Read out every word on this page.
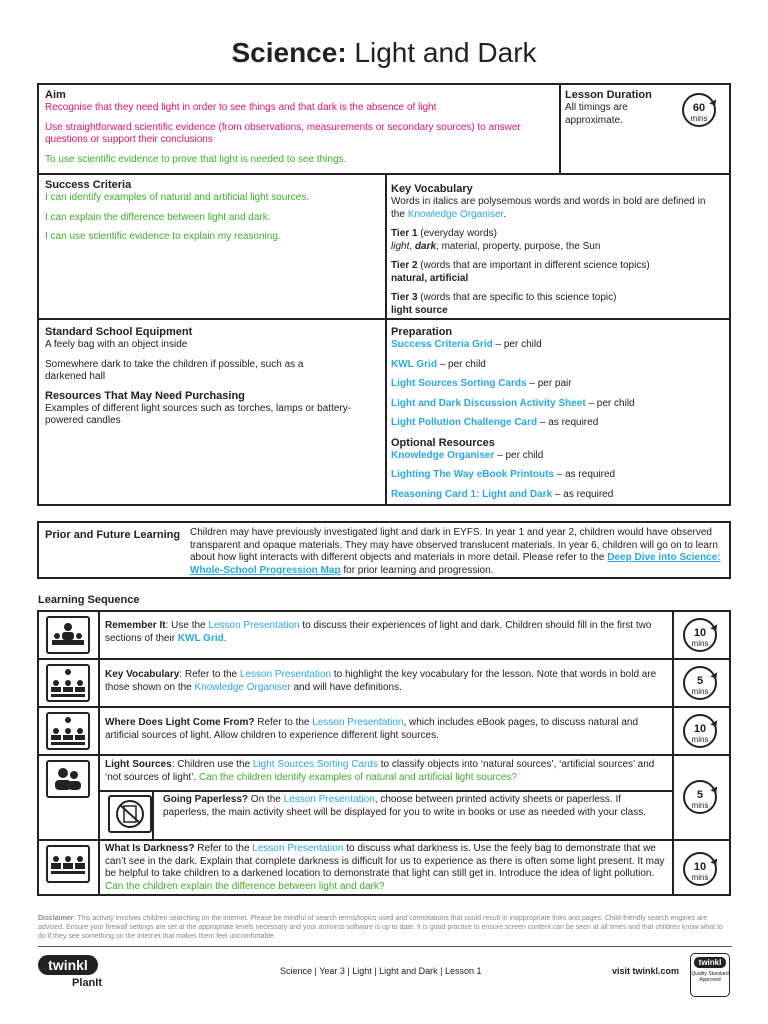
Science: Light and Dark

Aim

Recognise that they need light in order to see things and that dark is the absence of light

Use straightforward scientific evidence (from observations, measurements or secondary sources) to answer questions or support their conclusions

To use scientific evidence to prove that light is needed to see things.

Lesson Duration

All timings are approximate.

60
mins

Success Criteria

I can identify examples of natural and artificial light sources.

I can explain the difference between light and dark.

I can use scientific evidence to explain my reasoning.

Key Vocabulary

Words in italics are polysemous words and words in bold are defined in the Knowledge Organiser.

Tier 1 (everyday words)

light, dark, material, property, purpose, the Sun

Tier 2 (words that are important in different science topics)

natural, artificial

Tier 3 (words that are specific to this science topic)

light source

Standard School Equipment

A feely bag with an object inside

Somewhere dark to take the children if possible, such as a darkened hall

Resources That May Need Purchasing

Examples of different light sources such as torches, lamps or battery-powered candles

Preparation

Success Criteria Grid – per child

KWL Grid – per child

Light Sources Sorting Cards – per pair

Light and Dark Discussion Activity Sheet – per child

Light Pollution Challenge Card – as required

Optional Resources

Knowledge Organiser – per child

Lighting The Way eBook Printouts – as required

Reasoning Card 1: Light and Dark – as required

Prior and Future Learning Children may have previously investigated light and dark in EYFS. In year 1 and year 2, children would have observed transparent and opaque materials. They may have observed translucent materials. In year 6, children will go on to learn about how light interacts with different objects and materials in more detail. Please refer to the Deep Dive into Science: Whole-School Progression Map for prior learning and progression.
Learning Sequence
Remember It: Use the Lesson Presentation to discuss their experiences of light and dark. Children should fill in the first two sections of their KWL Grid.
Key Vocabulary: Refer to the Lesson Presentation to highlight the key vocabulary for the lesson. Note that words in bold are those shown on the Knowledge Organiser and will have definitions.
Where Does Light Come From? Refer to the Lesson Presentation, which includes eBook pages, to discuss natural and artificial sources of light. Allow children to experience different light sources.
Light Sources: Children use the Light Sources Sorting Cards to classify objects into ‘natural sources’, ‘artificial sources’ and ‘not sources of light’. Can the children identify examples of natural and artificial light sources?
Going Paperless? On the Lesson Presentation, choose between printed activity sheets or paperless. If paperless, the main activity sheet will be displayed for you to write in books or use as needed with your class.
What Is Darkness? Refer to the Lesson Presentation to discuss what darkness is. Use the feely bag to demonstrate that we can’t see in the dark. Explain that complete darkness is difficult for us to experience as there is often some light present. It may be helpful to take children to a darkened location to demonstrate that light can still get in. Introduce the idea of light pollution. Can the children explain the difference between light and dark?
10
mins
5
mins
10
mins
5
mins
10
mins
Disclaimer: This activity involves children searching on the internet. Please be mindful of search terms/topics used and connotations that could result in inappropriate links and pages. Child-friendly search engines are advised. Ensure your firewall settings are set at the appropriate levels necessary and your antivirus software is up to date. It is good practice to ensure screen content can be seen at all times and that children know what to do if they see something on the internet that makes them feel uncomfortable.
twinkl
PlanIt
Science | Year 3 | Light | Light and Dark | Lesson 1	visit twinkl.com
twinkl
Quality Standard Approved
